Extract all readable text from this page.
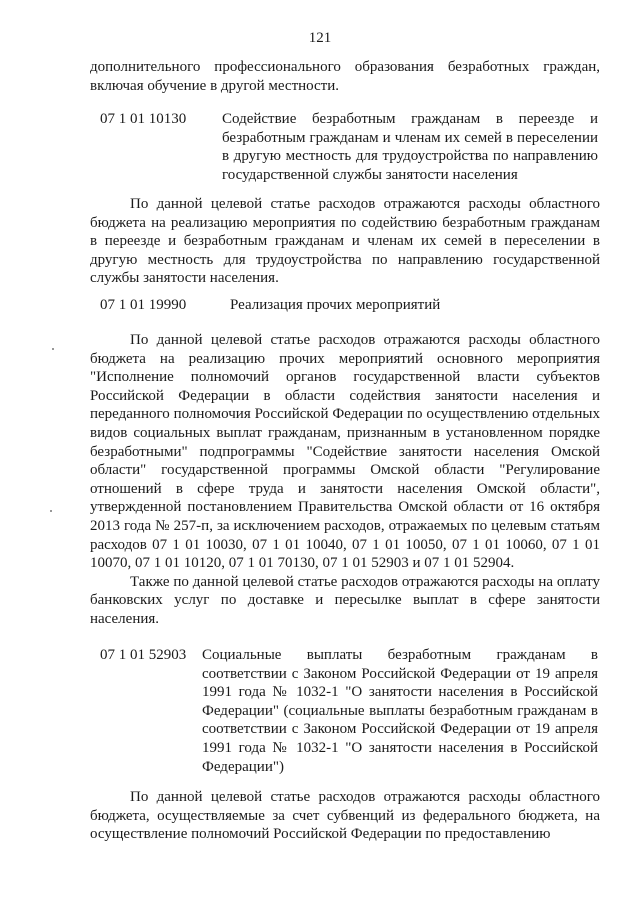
121

дополнительного профессионального образования безработных граждан, включая обучение в другой местности.

07 1 01 10130 Содействие безработным гражданам в переезде и безработным гражданам и членам их семей в переселении в другую местность для трудоустройства по направлению государственной службы занятости населения

По данной целевой статье расходов отражаются расходы областного бюджета на реализацию мероприятия по содействию безработным гражданам в переезде и безработным гражданам и членам их семей в переселении в другую местность для трудоустройства по направлению государственной службы занятости населения.

07 1 01 19990	Реализация прочих мероприятий

По данной целевой статье расходов отражаются расходы областного бюджета на реализацию прочих мероприятий основного мероприятия "Исполнение полномочий органов государственной власти субъектов Российской Федерации в области содействия занятости населения и переданного полномочия Российской Федерации по осуществлению отдельных видов социальных выплат гражданам, признанным в установленном порядке безработными" подпрограммы "Содействие занятости населения Омской области" государственной программы Омской области "Регулирование отношений в сфере труда и занятости населения Омской области", утвержденной постановлением Правительства Омской области от 16 октября 2013 года № 257-п, за исключением расходов, отражаемых по целевым статьям расходов 07 1 01 10030, 07 1 01 10040, 07 1 01 10050, 07 1 01 10060, 07 1 01 10070, 07 1 01 10120, 07 1 01 70130, 07 1 01 52903 и 07 1 01 52904.

Также по данной целевой статье расходов отражаются расходы на оплату банковских услуг по доставке и пересылке выплат в сфере занятости населения.

07 1 01 52903 Социальные выплаты безработным гражданам в соответствии с Законом Российской Федерации от 19 апреля 1991 года № 1032-1 "О занятости населения в Российской Федерации" (социальные выплаты безработным гражданам в соответствии с Законом Российской Федерации от 19 апреля 1991 года № 1032-1 "О занятости населения в Российской Федерации")

По данной целевой статье расходов отражаются расходы областного бюджета, осуществляемые за счет субвенций из федерального бюджета, на осуществление полномочий Российской Федерации по предоставлению
